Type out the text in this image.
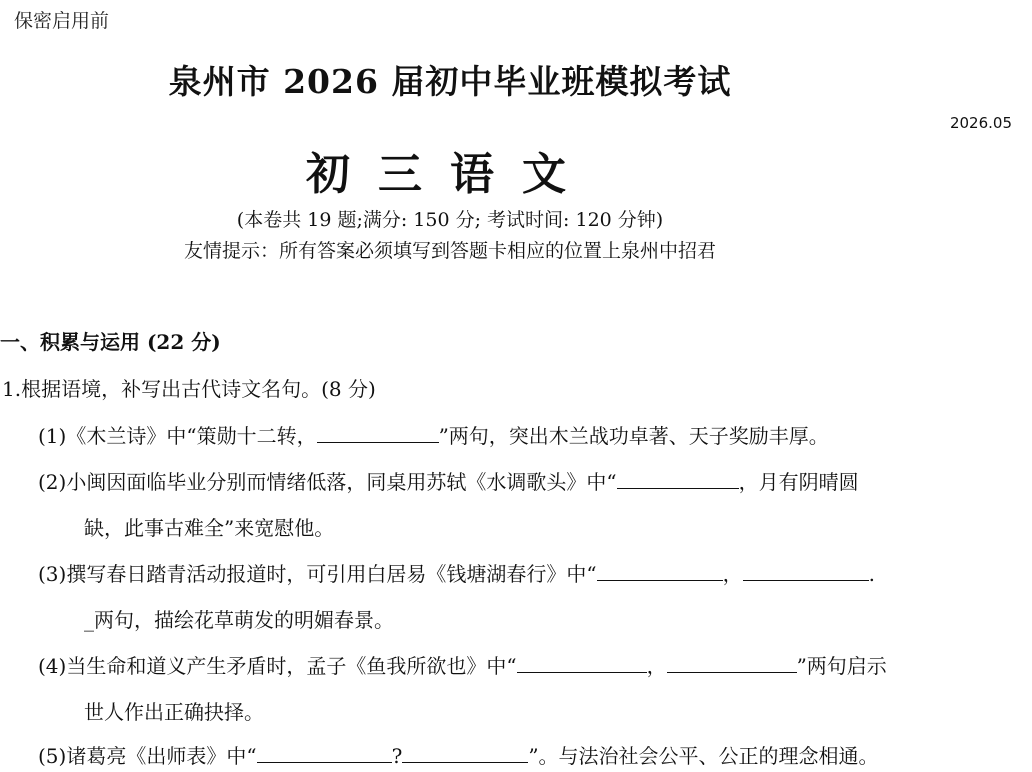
保密启用前
泉州市 2026 届初中毕业班模拟考试
2026.05
初三语文
(本卷共 19 题;满分: 150 分; 考试时间: 120 分钟)
友情提示：所有答案必须填写到答题卡相应的位置上泉州中招君
一、积累与运用 (22 分)
1.根据语境，补写出古代诗文名句。(8 分)
(1)《木兰诗》中“策勋十二转，	”两句，突出木兰战功卓著、天子奖励丰厚。
(2)小闽因面临毕业分别而情绪低落，同桌用苏轼《水调歌头》中“	，月有阴晴圆
缺，此事古难全”来宽慰他。
(3)撰写春日踏青活动报道时，可引用白居易《钱塘湖春行》中“	，	.
_两句，描绘花草萌发的明媚春景。
(4)当生命和道义产生矛盾时，孟子《鱼我所欲也》中“	，	”两句启示
世人作出正确抉择。
(5)诸葛亮《出师表》中“	?	”。与法治社会公平、公正的理念相通。
